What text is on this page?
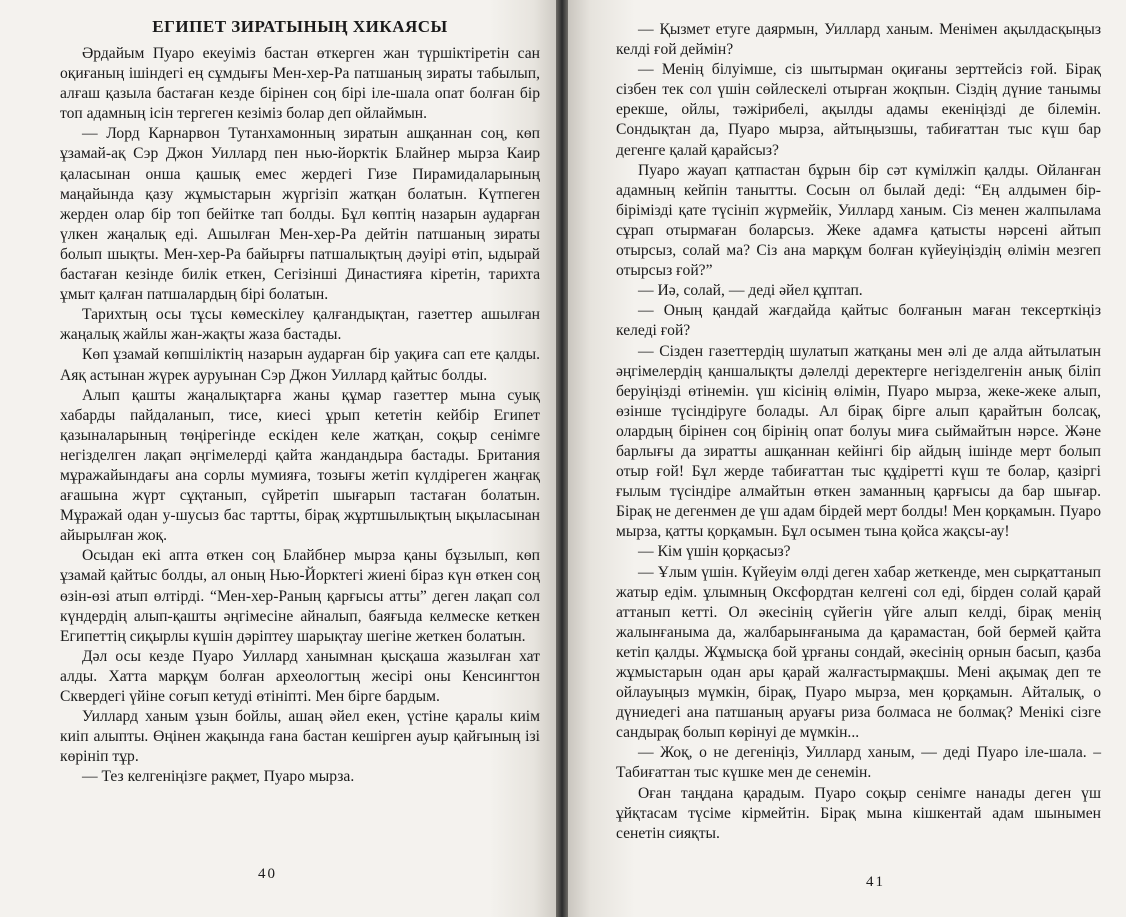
ЕГИПЕТ ЗИРАТЫНЫҢ ХИКАЯСЫ

Әрдайым Пуаро екеуіміз бастан өткерген жан түршіктіретін сан оқиғаның ішіндегі ең сұмдығы Мен-хер-Ра патшаның зираты табылып, алғаш қазыла бастаған кезде бірінен соң бірі іле-шала опат болған бір топ адамның ісін тергеген кезіміз болар деп ойлаймын.

— Лорд Карнарвон Тутанхамонның зиратын ашқаннан соң, көп ұзамай-ақ Сэр Джон Уиллард пен нью-йорктік Блайнер мырза Каир қаласынан онша қашық емес жердегі Гизе Пирамидаларының маңайында қазу жұмыстарын жүргізіп жатқан болатын. Күтпеген жерден олар бір топ бейітке тап болды. Бұл көптің назарын аударған үлкен жаңалық еді. Ашылған Мен-хер-Ра дейтін патшаның зираты болып шықты. Мен-хер-Ра байырғы патшалықтың дәуірі өтіп, ыдырай бастаған кезінде билік еткен, Сегізінші Династияға кіретін, тарихта ұмыт қалған патшалардың бірі болатын.

Тарихтың осы тұсы көмескілеу қалғандықтан, газеттер ашылған жаңалық жайлы жан-жақты жаза бастады.

Көп ұзамай көпшіліктің назарын аударған бір уақиға сап ете қалды. Аяқ астынан жүрек ауруынан Сэр Джон Уиллард қайтыс болды.

Алып қашты жаңалықтарға жаны құмар газеттер мына суық хабарды пайдаланып, тисе, киесі ұрып кететін кейбір Египет қазыналарының төңірегінде ескіден келе жатқан, соқыр сенімге негізделген лақап әңгімелерді қайта жандандыра бастады. Британия мұражайындағы ана сорлы мумияға, тозығы жетіп күлдіреген жаңғақ ағашына жүрт сұқтанып, сүйретіп шығарып тастаған болатын. Мұражай одан у-шусыз бас тартты, бірақ жұртшылықтың ықыласынан айырылған жоқ.

Осыдан екі апта өткен соң Блайбнер мырза қаны бұзылып, көп ұзамай қайтыс болды, ал оның Нью-Йорктегі жиені біраз күн өткен соң өзін-өзі атып өлтірді. “Мен-хер-Раның қарғысы атты” деген лақап сол күндердің алып-қашты әңгімесіне айналып, баяғыда келмеске кеткен Египеттің сиқырлы күшін дәріптеу шарықтау шегіне жеткен болатын.

Дәл осы кезде Пуаро Уиллард ханымнан қысқаша жазылған хат алды. Хатта марқұм болған археологтың жесірі оны Кенсингтон Сквердегі үйіне соғып кетуді өтініпті. Мен бірге бардым.

Уиллард ханым ұзын бойлы, ашаң әйел екен, үстіне қаралы киім киіп алыпты. Өңінен жақында ғана бастан кешірген ауыр қайғының ізі көрініп тұр.

— Тез келгеніңізге рақмет, Пуаро мырза.

40

— Қызмет етуге даярмын, Уиллард ханым. Менімен ақылдасқыңыз келді ғой деймін?

— Менің білуімше, сіз шытырман оқиғаны зерттейсіз ғой. Бірақ сізбен тек сол үшін сөйлескелі отырған жоқпын. Сіздің дүние танымы ерекше, ойлы, тәжірибелі, ақылды адамы екеніңізді де білемін. Сондықтан да, Пуаро мырза, айтыңызшы, табиғаттан тыс күш бар дегенге қалай қарайсыз?

Пуаро жауап қатпастан бұрын бір сәт күмілжіп қалды. Ойланған адамның кейпін танытты. Сосын ол былай деді: “Ең алдымен бір-бірімізді қате түсініп жүрмейік, Уиллард ханым. Сіз менен жалпылама сұрап отырмаған боларсыз. Жеке адамға қатысты нәрсені айтып отырсыз, солай ма? Сіз ана марқұм болған күйеуіңіздің өлімін мезгеп отырсыз ғой?”

— Иә, солай, — деді әйел құптап.

— Оның қандай жағдайда қайтыс болғанын маған тексерткіңіз келеді ғой?

— Сізден газеттердің шулатып жатқаны мен әлі де алда айтылатын әңгімелердің қаншалықты дәлелді деректерге негізделгенін анық біліп беруіңізді өтінемін. үш кісінің өлімін, Пуаро мырза, жеке-жеке алып, өзінше түсіндіруге болады. Ал бірақ бірге алып қарайтын болсақ, олардың бірінен соң бірінің опат болуы миға сыймайтын нәрсе. Және барлығы да зиратты ашқаннан кейінгі бір айдың ішінде мерт болып отыр ғой! Бұл жерде табиғаттан тыс құдіретті күш те болар, қазіргі ғылым түсіндіре алмайтын өткен заманның қарғысы да бар шығар. Бірақ не дегенмен де үш адам бірдей мерт болды! Мен қорқамын. Пуаро мырза, қатты қорқамын. Бұл осымен тына қойса жақсы-ау!

— Кім үшін қорқасыз?

— Ұлым үшін. Күйеуім өлді деген хабар жеткенде, мен сырқаттанып жатыр едім. ұлымның Оксфордтан келгені сол еді, бірден солай қарай аттанып кетті. Ол әкесінің сүйегін үйге алып келді, бірақ менің жалынғаныма да, жалбарынғаныма да қарамастан, бой бермей қайта кетіп қалды. Жұмысқа бой ұрғаны сондай, әкесінің орнын басып, қазба жұмыстарын одан ары қарай жалғастырмақшы. Мені ақымақ деп те ойлауыңыз мүмкін, бірақ, Пуаро мырза, мен қорқамын. Айталық, о дүниедегі ана патшаның аруағы риза болмаса не болмақ? Менікі сізге сандырақ болып көрінуі де мүмкін...

— Жоқ, о не дегеніңіз, Уиллард ханым, — деді Пуаро іле-шала. – Табиғаттан тыс күшке мен де сенемін.

Оған таңдана қарадым. Пуаро соқыр сенімге нанады деген үш ұйқтасам түсіме кірмейтін. Бірақ мына кішкентай адам шынымен сенетін сияқты.

41
